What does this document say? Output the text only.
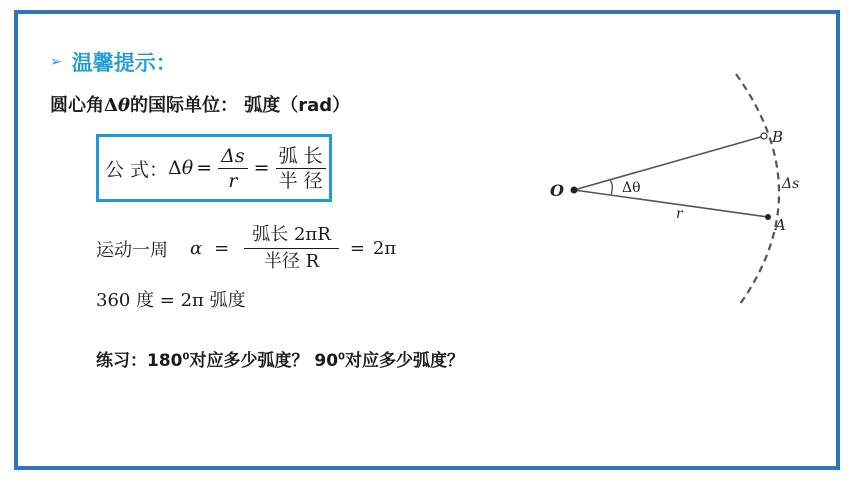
➢ 温馨提示：
圆心角Δθ的国际单位： 弧度（rad）
公 式： Δ $\theta = \frac{\Delta s}{r} = \frac{\text{弧 长}}{\text{半 径}}$
运动一周 $\alpha = \frac{\text{弧长 2πR}}{\text{半径 R}} = 2\pi$
360 度 = 2π 弧度
练习：$180^0$对应多少弧度？ $90^0$对应多少弧度？
O
B
A
Δθ
r
Δs
